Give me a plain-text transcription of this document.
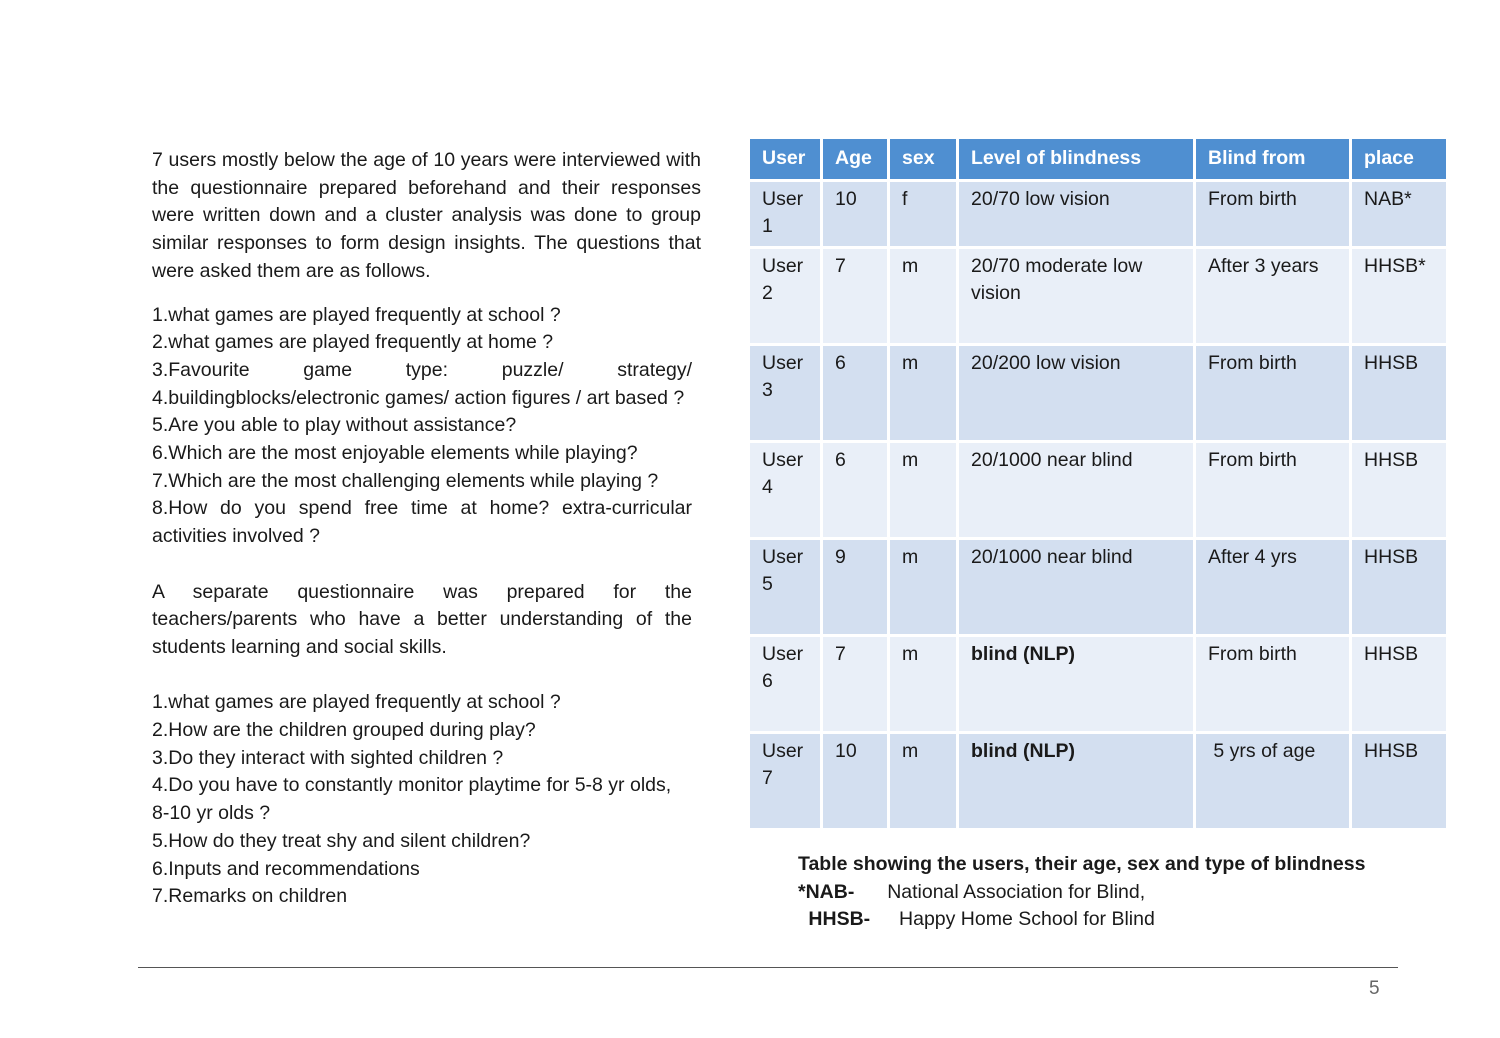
7 users mostly below the age of 10 years were interviewed with the questionnaire prepared beforehand and their responses were written down and a cluster analysis was done to group similar responses to form design insights. The questions that were asked them are as follows.

1.what games are played frequently at school ?

2.what games are played frequently at home ?

3.Favourite game type: puzzle/ strategy/ 4.buildingblocks/electronic games/ action figures / art based ?

5.Are you able to play without assistance?

6.Which are the most enjoyable elements while playing?

7.Which are the most challenging elements while playing ?

8.How do you spend free time at home? extra-curricular activities involved ?

A separate questionnaire was prepared for the teachers/parents who have a better understanding of the students learning and social skills.

1.what games are played frequently at school ?

2.How are the children grouped during play?

3.Do they interact with sighted children ?

4.Do you have to constantly monitor playtime for 5-8 yr olds, 8-10 yr olds ?

5.How do they treat shy and silent children?

6.Inputs and recommendations

7.Remarks on children

User	Age	sex	Level of blindness	Blind from	place
User 1	10	f	20/70 low vision	From birth	NAB*
User 2	7	m	20/70 moderate low vision	After 3 years	HHSB*
User 3	6	m	20/200 low vision	From birth	HHSB
User 4	6	m	20/1000 near blind	From birth	HHSB
User 5	9	m	20/1000 near blind	After 4 yrs	HHSB
User 6	7	m	blind (NLP)	From birth	HHSB
User 7	10	m	blind (NLP)	5 yrs of age	HHSB
Table showing the users, their age, sex and type of blindness
*NAB- National Association for Blind,
HHSB- Happy Home School for Blind
5
